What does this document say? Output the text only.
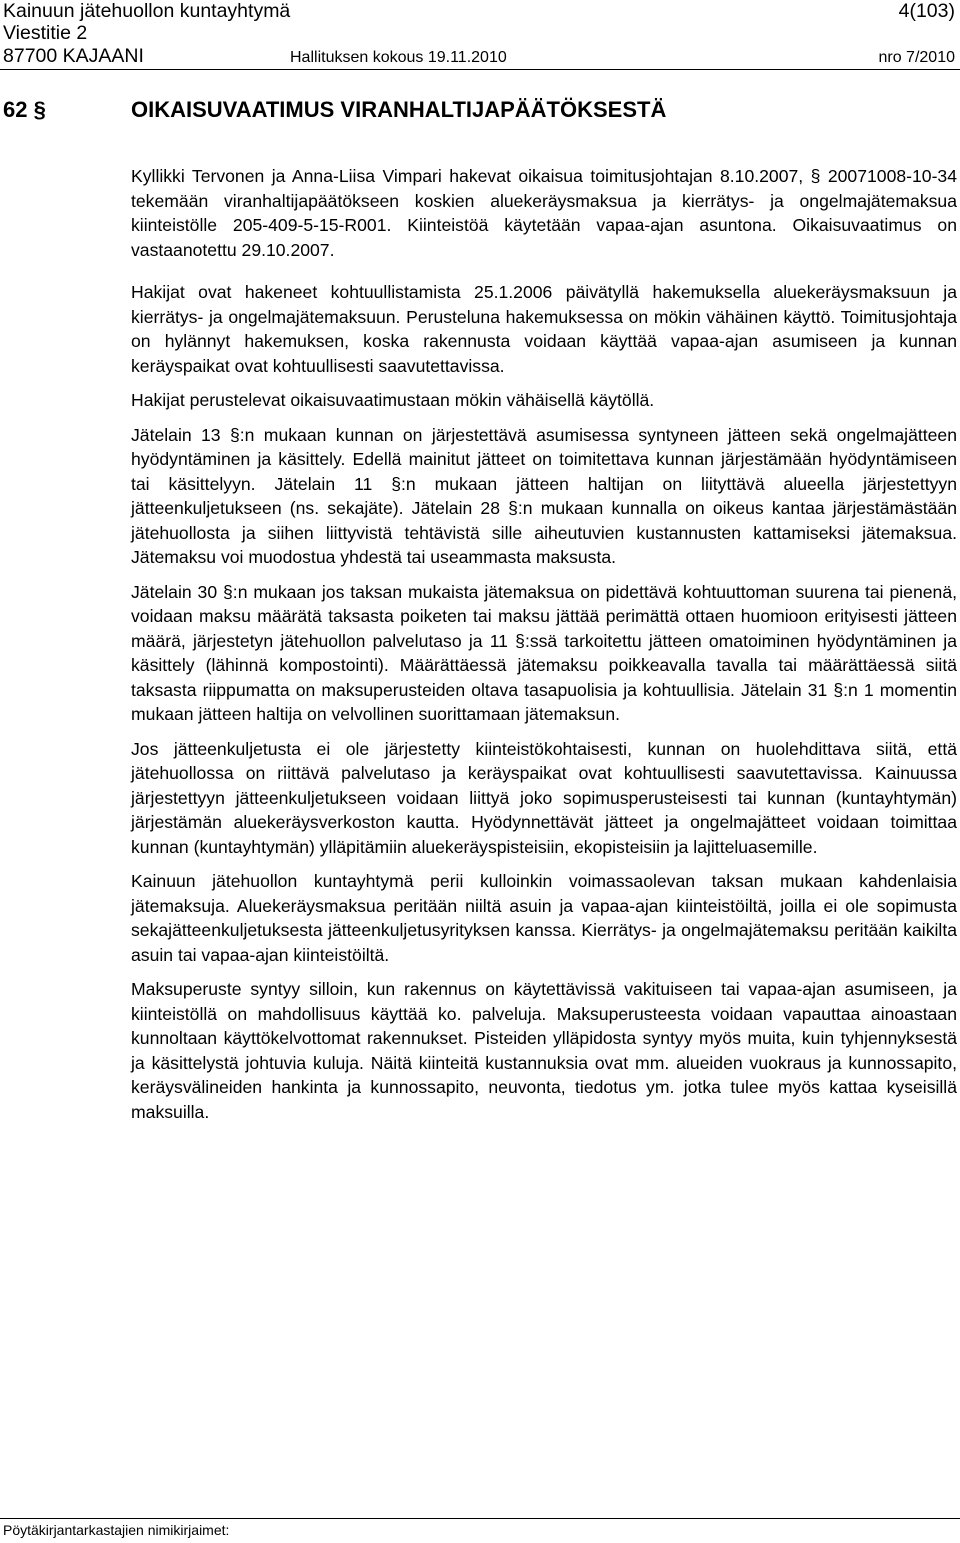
Kainuun jätehuollon kuntayhtymä	4(103)
Viestitie 2
87700 KAJAANI	Hallituksen kokous 19.11.2010	nro 7/2010
62 §	OIKAISUVAATIMUS VIRANHALTIJAPÄÄTÖKSESTÄ

Kyllikki Tervonen ja Anna-Liisa Vimpari hakevat oikaisua toimitusjohtajan 8.10.2007, § 20071008-10-34 tekemään viranhaltijapäätökseen koskien aluekeräysmaksua ja kierrätys- ja ongelmajätemaksua kiinteistölle 205-409-5-15-R001. Kiinteistöä käytetään vapaa-ajan asuntona. Oikaisuvaatimus on vastaanotettu 29.10.2007.

Hakijat ovat hakeneet kohtuullistamista 25.1.2006 päivätyllä hakemuksella aluekeräysmaksuun ja kierrätys- ja ongelmajätemaksuun. Perusteluna hakemuksessa on mökin vähäinen käyttö. Toimitusjohtaja on hylännyt hakemuksen, koska rakennusta voidaan käyttää vapaa-ajan asumiseen ja kunnan keräyspaikat ovat kohtuullisesti saavutettavissa.

Hakijat perustelevat oikaisuvaatimustaan mökin vähäisellä käytöllä.

Jätelain 13 §:n mukaan kunnan on järjestettävä asumisessa syntyneen jätteen sekä ongelmajätteen hyödyntäminen ja käsittely. Edellä mainitut jätteet on toimitettava kunnan järjestämään hyödyntämiseen tai käsittelyyn. Jätelain 11 §:n mukaan jätteen haltijan on liityttävä alueella järjestettyyn jätteenkuljetukseen (ns. sekajäte). Jätelain 28 §:n mukaan kunnalla on oikeus kantaa järjestämästään jätehuollosta ja siihen liittyvistä tehtävistä sille aiheutuvien kustannusten kattamiseksi jätemaksua. Jätemaksu voi muodostua yhdestä tai useammasta maksusta.

Jätelain 30 §:n mukaan jos taksan mukaista jätemaksua on pidettävä kohtuuttoman suurena tai pienenä, voidaan maksu määrätä taksasta poiketen tai maksu jättää perimättä ottaen huomioon erityisesti jätteen määrä, järjestetyn jätehuollon palvelutaso ja 11 §:ssä tarkoitettu jätteen omatoiminen hyödyntäminen ja käsittely (lähinnä kompostointi). Määrättäessä jätemaksu poikkeavalla tavalla tai määrättäessä siitä taksasta riippumatta on maksuperusteiden oltava tasapuolisia ja kohtuullisia. Jätelain 31 §:n 1 momentin mukaan jätteen haltija on velvollinen suorittamaan jätemaksun.

Jos jätteenkuljetusta ei ole järjestetty kiinteistökohtaisesti, kunnan on huolehdittava siitä, että jätehuollossa on riittävä palvelutaso ja keräyspaikat ovat kohtuullisesti saavutettavissa. Kainuussa järjestettyyn jätteenkuljetukseen voidaan liittyä joko sopimusperusteisesti tai kunnan (kuntayhtymän) järjestämän aluekeräysverkoston kautta. Hyödynnettävät jätteet ja ongelmajätteet voidaan toimittaa kunnan (kuntayhtymän) ylläpitämiin aluekeräyspisteisiin, ekopisteisiin ja lajitteluasemille.

Kainuun jätehuollon kuntayhtymä perii kulloinkin voimassaolevan taksan mukaan kahdenlaisia jätemaksuja. Aluekeräysmaksua peritään niiltä asuin ja vapaa-ajan kiinteistöiltä, joilla ei ole sopimusta sekajätteenkuljetuksesta jätteenkuljetusyrityksen kanssa. Kierrätys- ja ongelmajätemaksu peritään kaikilta asuin tai vapaa-ajan kiinteistöiltä.

Maksuperuste syntyy silloin, kun rakennus on käytettävissä vakituiseen tai vapaa-ajan asumiseen, ja kiinteistöllä on mahdollisuus käyttää ko. palveluja. Maksuperusteesta voidaan vapauttaa ainoastaan kunnoltaan käyttökelvottomat rakennukset. Pisteiden ylläpidosta syntyy myös muita, kuin tyhjennyksestä ja käsittelystä johtuvia kuluja. Näitä kiinteitä kustannuksia ovat mm. alueiden vuokraus ja kunnossapito, keräysvälineiden hankinta ja kunnossapito, neuvonta, tiedotus ym. jotka tulee myös kattaa kyseisillä maksuilla.

Pöytäkirjantarkastajien nimikirjaimet:
